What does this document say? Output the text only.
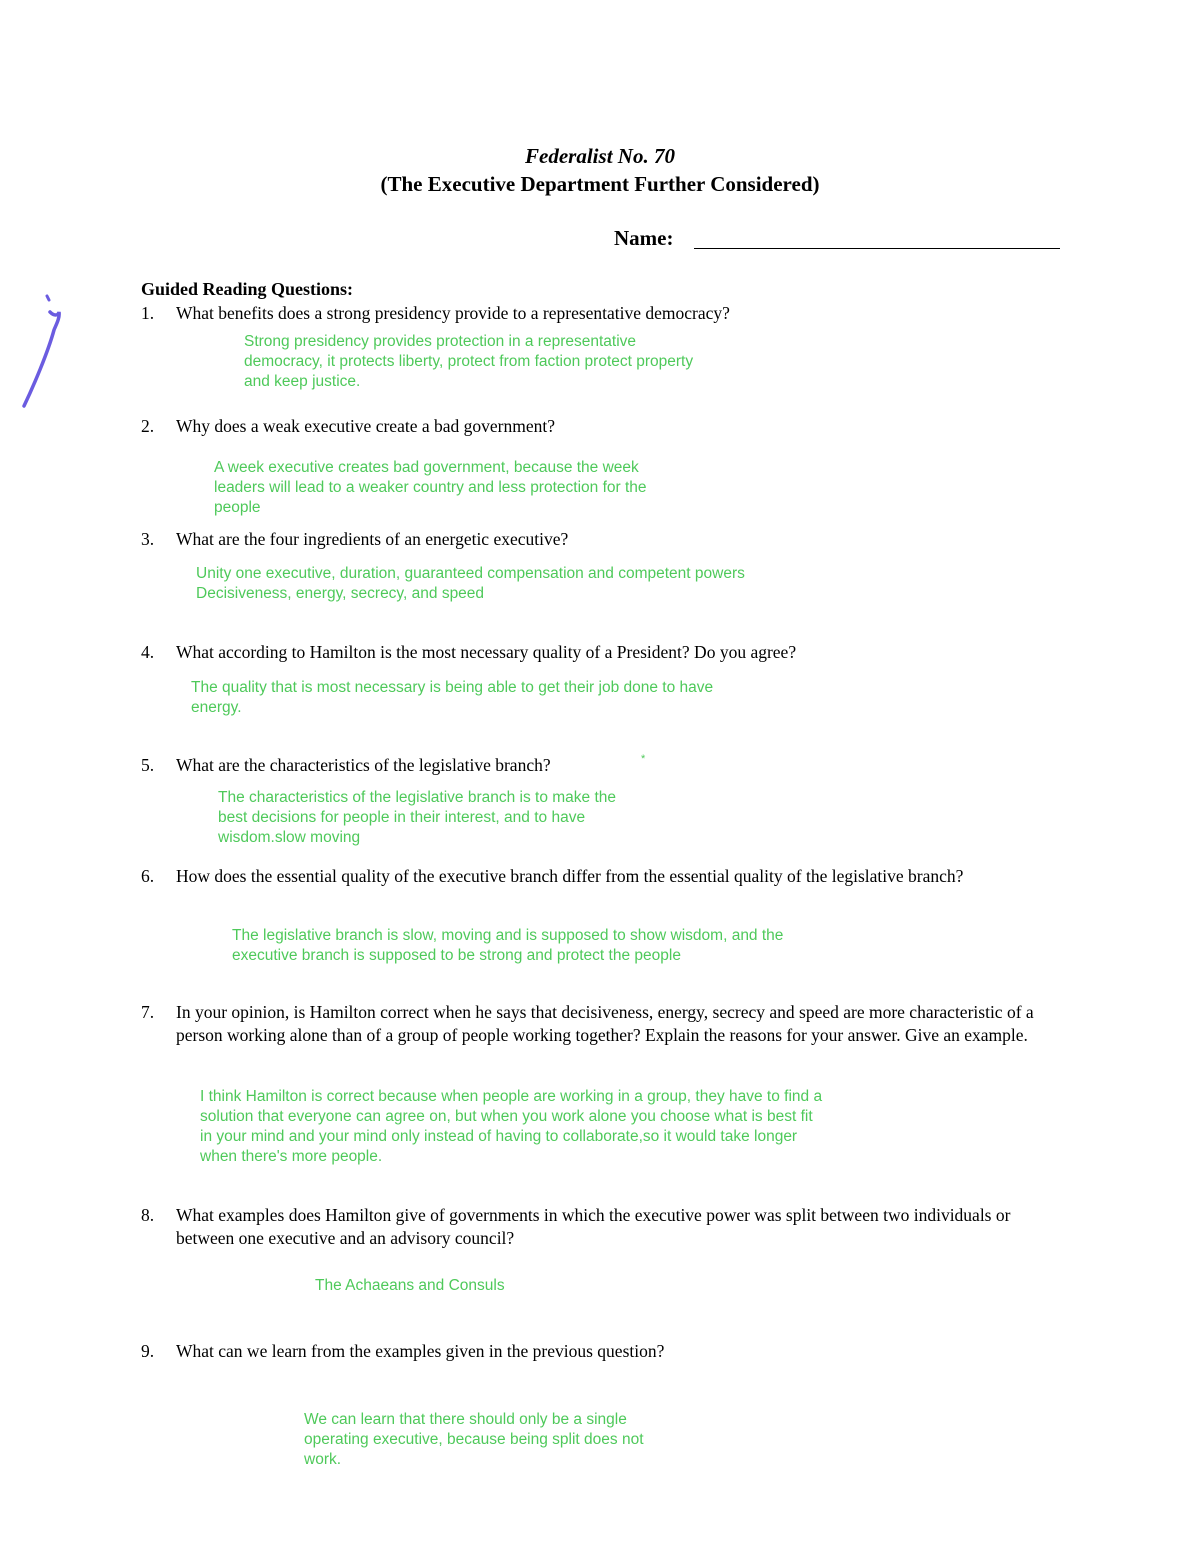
Federalist No. 70
(The Executive Department Further Considered)
Name:
Guided Reading Questions:
1.	What benefits does a strong presidency provide to a representative democracy?
Strong presidency provides protection in a representative
democracy, it protects liberty, protect from faction protect property
and keep justice.
2.	Why does a weak executive create a bad government?
A week executive creates bad government, because the week
leaders will lead to a weaker country and less protection for the
people
3.	What are the four ingredients of an energetic executive?
Unity one executive, duration, guaranteed compensation and competent powers
Decisiveness, energy, secrecy, and speed
4.	What according to Hamilton is the most necessary quality of a President? Do you agree?
The quality that is most necessary is being able to get their job done to have
energy.
5.	What are the characteristics of the legislative branch?	*
The characteristics of the legislative branch is to make the
best decisions for people in their interest, and to have
wisdom.slow moving
6.	How does the essential quality of the executive branch differ from the essential quality of the legislative branch?
The legislative branch is slow, moving and is supposed to show wisdom, and the
executive branch is supposed to be strong and protect the people
7.	In your opinion, is Hamilton correct when he says that decisiveness, energy, secrecy and speed are more characteristic of a person working alone than of a group of people working together? Explain the reasons for your answer. Give an example.
I think Hamilton is correct because when people are working in a group, they have to find a
solution that everyone can agree on, but when you work alone you choose what is best fit
in your mind and your mind only instead of having to collaborate,so it would take longer
when there's more people.
8.	What examples does Hamilton give of governments in which the executive power was split between two individuals or between one executive and an advisory council?
The Achaeans and Consuls
9.	What can we learn from the examples given in the previous question?
We can learn that there should only be a single
operating executive, because being split does not
work.
